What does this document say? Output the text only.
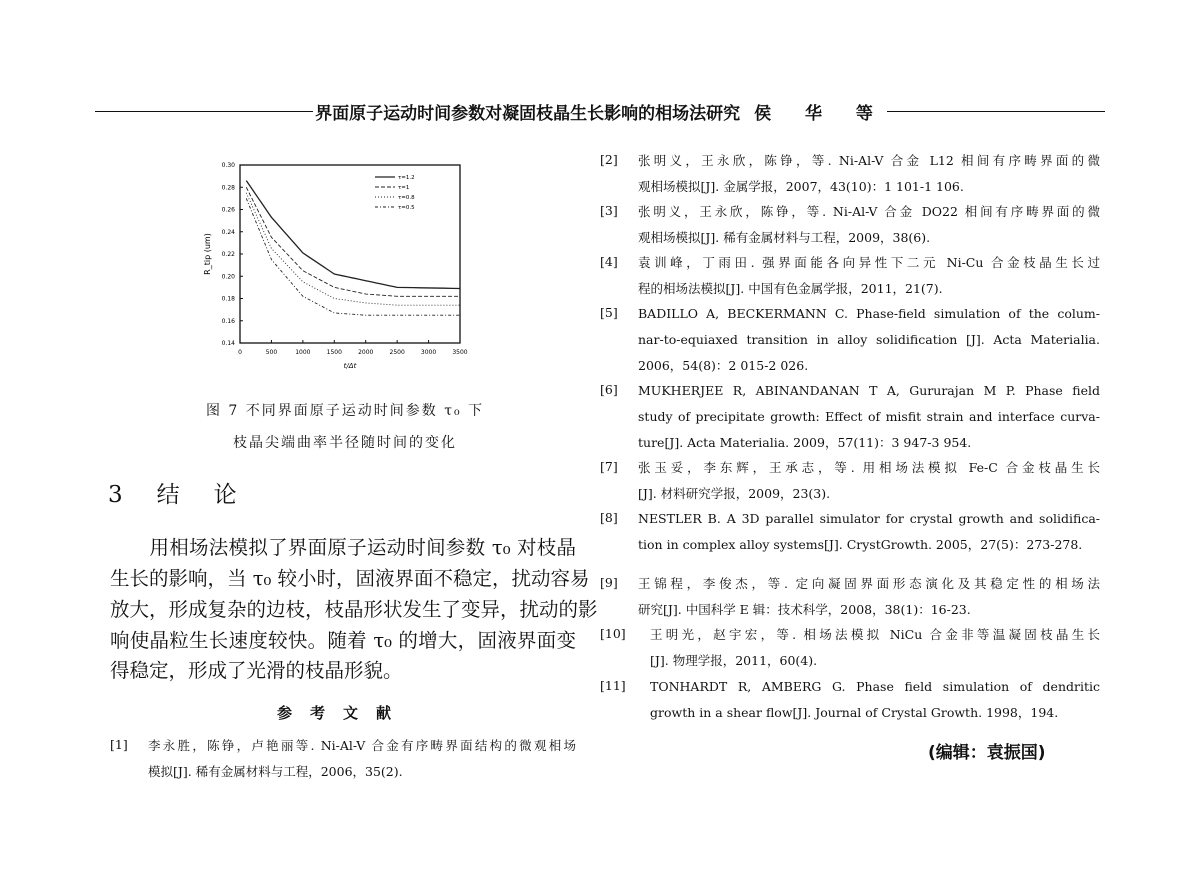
界面原子运动时间参数对凝固枝晶生长影响的相场法研究 侯 华 等
0	500	1000	1500	2000	2500	3000	3500
0.14
0.16
0.18
0.20
0.22
0.24
0.26
0.28
0.30
t/Δt
R_tip (um)
τ=1.2
τ=1
τ=0.8
τ=0.5
图 7 不同界面原子运动时间参数 τ₀ 下
枝晶尖端曲率半径随时间的变化
3 结 论
　　用相场法模拟了界面原子运动时间参数 τ₀ 对枝晶
生长的影响，当 τ₀ 较小时，固液界面不稳定，扰动容易
放大，形成复杂的边枝，枝晶形状发生了变异，扰动的影
响使晶粒生长速度较快。随着 τ₀ 的增大，固液界面变
得稳定，形成了光滑的枝晶形貌。
参考文献
[1] 李永胜，陈铮，卢艳丽等. Ni-Al-V 合金有序畴界面结构的微观相场
模拟[J]. 稀有金属材料与工程，2006，35(2).
[2] 张明义，王永欣，陈铮，等. Ni-Al-V 合金 L12 相间有序畴界面的微
观相场模拟[J]. 金属学报，2007，43(10)：1 101-1 106.
[3] 张明义，王永欣，陈铮，等. Ni-Al-V 合金 DO22 相间有序畴界面的微
观相场模拟[J]. 稀有金属材料与工程，2009，38(6).
[4] 袁训峰，丁雨田. 强界面能各向异性下二元 Ni-Cu 合金枝晶生长过
程的相场法模拟[J]. 中国有色金属学报，2011，21(7).
[5] BADILLO A, BECKERMANN C. Phase-field simulation of the colum-
nar-to-equiaxed transition in alloy solidification [J]. Acta Materialia.
2006，54(8)：2 015-2 026.
[6] MUKHERJEE R, ABINANDANAN T A, Gururajan M P. Phase field
study of precipitate growth: Effect of misfit strain and interface curva-
ture[J]. Acta Materialia. 2009，57(11)：3 947-3 954.
[7] 张玉妥，李东辉，王承志，等. 用相场法模拟 Fe-C 合金枝晶生长
[J]. 材料研究学报，2009，23(3).
[8] NESTLER B. A 3D parallel simulator for crystal growth and solidifica-
tion in complex alloy systems[J]. CrystGrowth. 2005，27(5)：273-278.
[9] 王锦程，李俊杰，等. 定向凝固界面形态演化及其稳定性的相场法
研究[J]. 中国科学 E 辑：技术科学，2008，38(1)：16-23.
[10] 王明光，赵宇宏，等. 相场法模拟 NiCu 合金非等温凝固枝晶生长
[J]. 物理学报，2011，60(4).
[11] TONHARDT R, AMBERG G. Phase field simulation of dendritic
growth in a shear flow[J]. Journal of Crystal Growth. 1998，194.
(编辑：袁振国)
